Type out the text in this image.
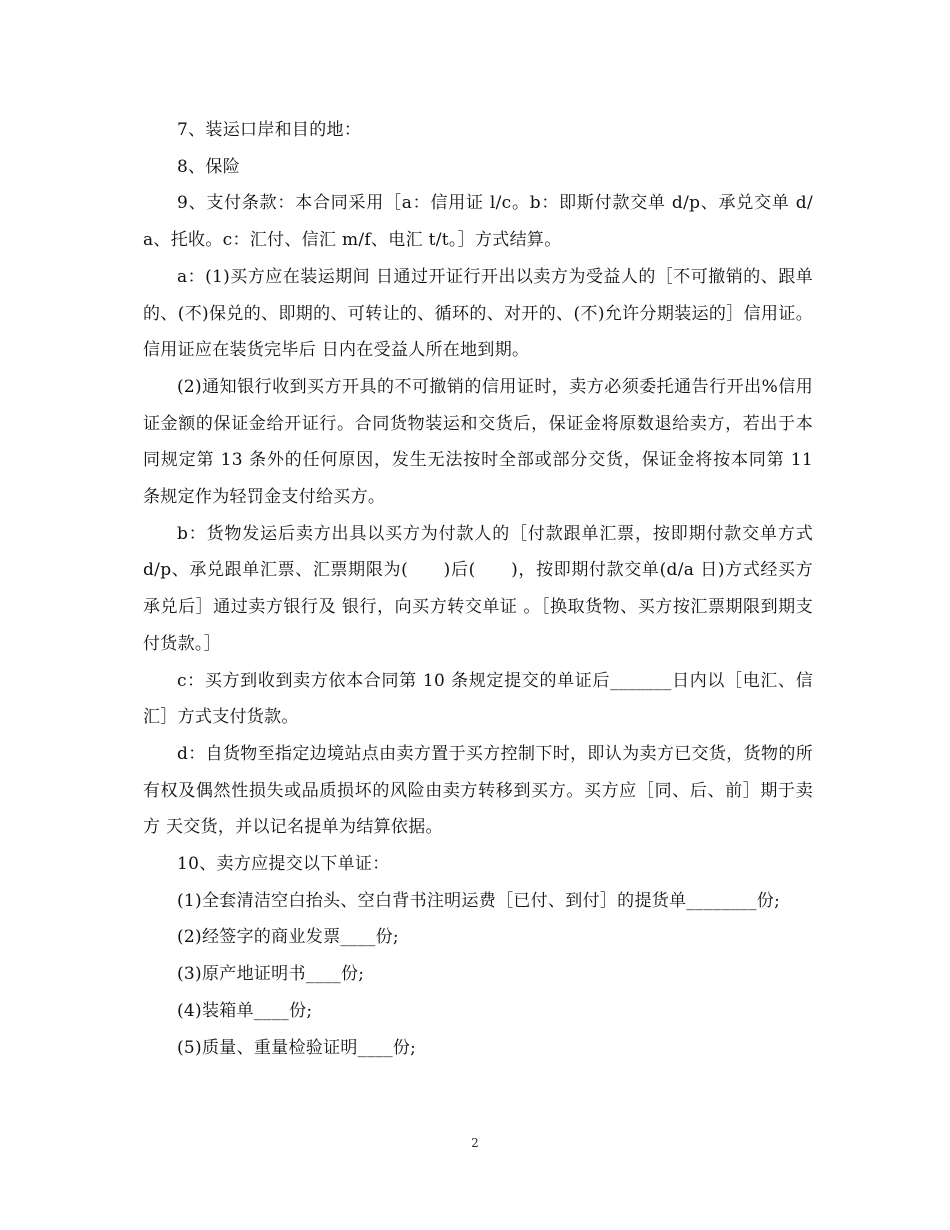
7、装运口岸和目的地：

8、保险

9、支付条款：本合同采用［a：信用证 l/c。b：即斯付款交单 d/p、承兑交单 d/a、托收。c：汇付、信汇 m/f、电汇 t/t。］方式结算。

a：(1)买方应在装运期间 日通过开证行开出以卖方为受益人的［不可撤销的、跟单的、(不)保兑的、即期的、可转让的、循环的、对开的、(不)允许分期装运的］信用证。信用证应在装货完毕后 日内在受益人所在地到期。

(2)通知银行收到买方开具的不可撤销的信用证时，卖方必须委托通告行开出%信用证金额的保证金给开证行。合同货物装运和交货后，保证金将原数退给卖方，若出于本同规定第 13 条外的任何原因，发生无法按时全部或部分交货，保证金将按本同第 11 条规定作为轻罚金支付给买方。

b：货物发运后卖方出具以买方为付款人的［付款跟单汇票，按即期付款交单方式 d/p、承兑跟单汇票、汇票期限为(　　)后(　　)，按即期付款交单(d/a 日)方式经买方承兑后］通过卖方银行及 银行，向买方转交单证 。［换取货物、买方按汇票期限到期支付货款。］

c：买方到收到卖方依本合同第 10 条规定提交的单证后_______日内以［电汇、信汇］方式支付货款。

d：自货物至指定边境站点由卖方置于买方控制下时，即认为卖方已交货，货物的所有权及偶然性损失或品质损坏的风险由卖方转移到买方。买方应［同、后、前］期于卖方 天交货，并以记名提单为结算依据。

10、卖方应提交以下单证：

(1)全套清洁空白抬头、空白背书注明运费［已付、到付］的提货单________份;

(2)经签字的商业发票____份;

(3)原产地证明书____份;

(4)装箱单____份;

(5)质量、重量检验证明____份;

2
